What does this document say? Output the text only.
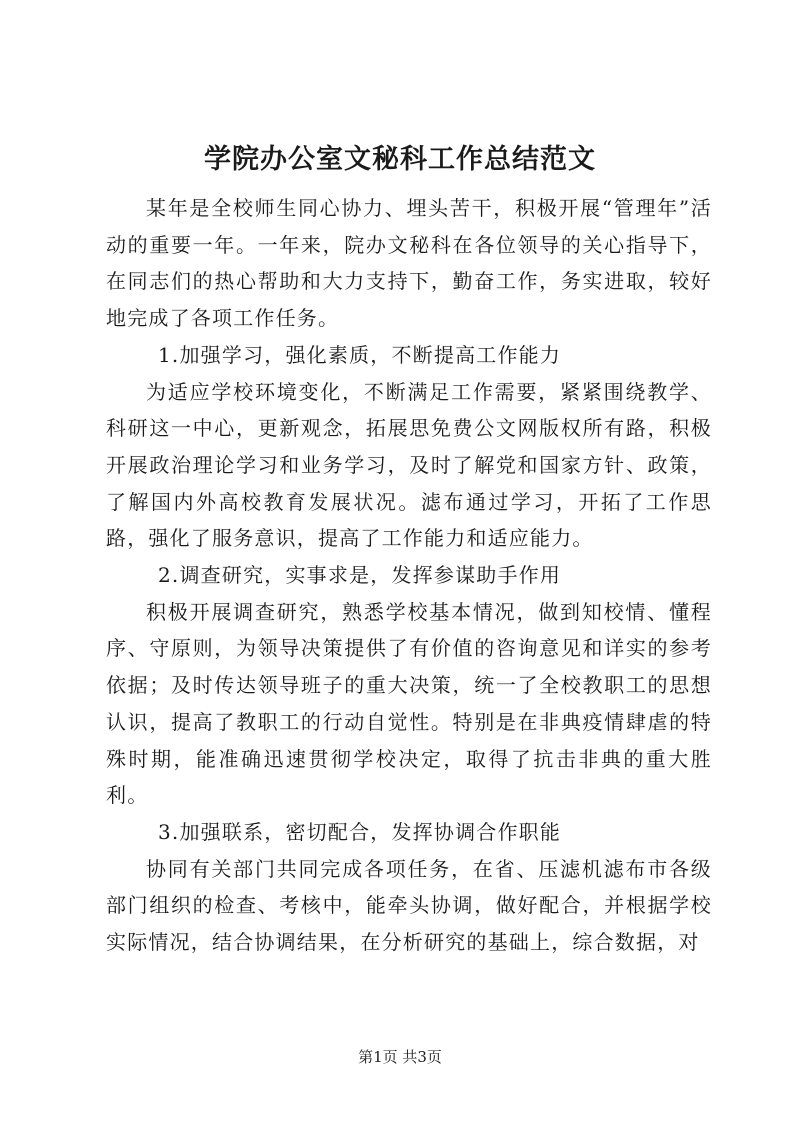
学院办公室文秘科工作总结范文

某年是全校师生同心协力、埋头苦干，积极开展“管理年”活动的重要一年。一年来，院办文秘科在各位领导的关心指导下，在同志们的热心帮助和大力支持下，勤奋工作，务实进取，较好地完成了各项工作任务。

1.加强学习，强化素质，不断提高工作能力

为适应学校环境变化，不断满足工作需要，紧紧围绕教学、科研这一中心，更新观念，拓展思免费公文网版权所有路，积极开展政治理论学习和业务学习，及时了解党和国家方针、政策，了解国内外高校教育发展状况。滤布通过学习，开拓了工作思路，强化了服务意识，提高了工作能力和适应能力。

2.调查研究，实事求是，发挥参谋助手作用

积极开展调查研究，熟悉学校基本情况，做到知校情、懂程序、守原则，为领导决策提供了有价值的咨询意见和详实的参考依据；及时传达领导班子的重大决策，统一了全校教职工的思想认识，提高了教职工的行动自觉性。特别是在非典疫情肆虐的特殊时期，能准确迅速贯彻学校决定，取得了抗击非典的重大胜利。

3.加强联系，密切配合，发挥协调合作职能

协同有关部门共同完成各项任务，在省、压滤机滤布市各级部门组织的检查、考核中，能牵头协调，做好配合，并根据学校实际情况，结合协调结果，在分析研究的基础上，综合数据，对

第1页 共3页
